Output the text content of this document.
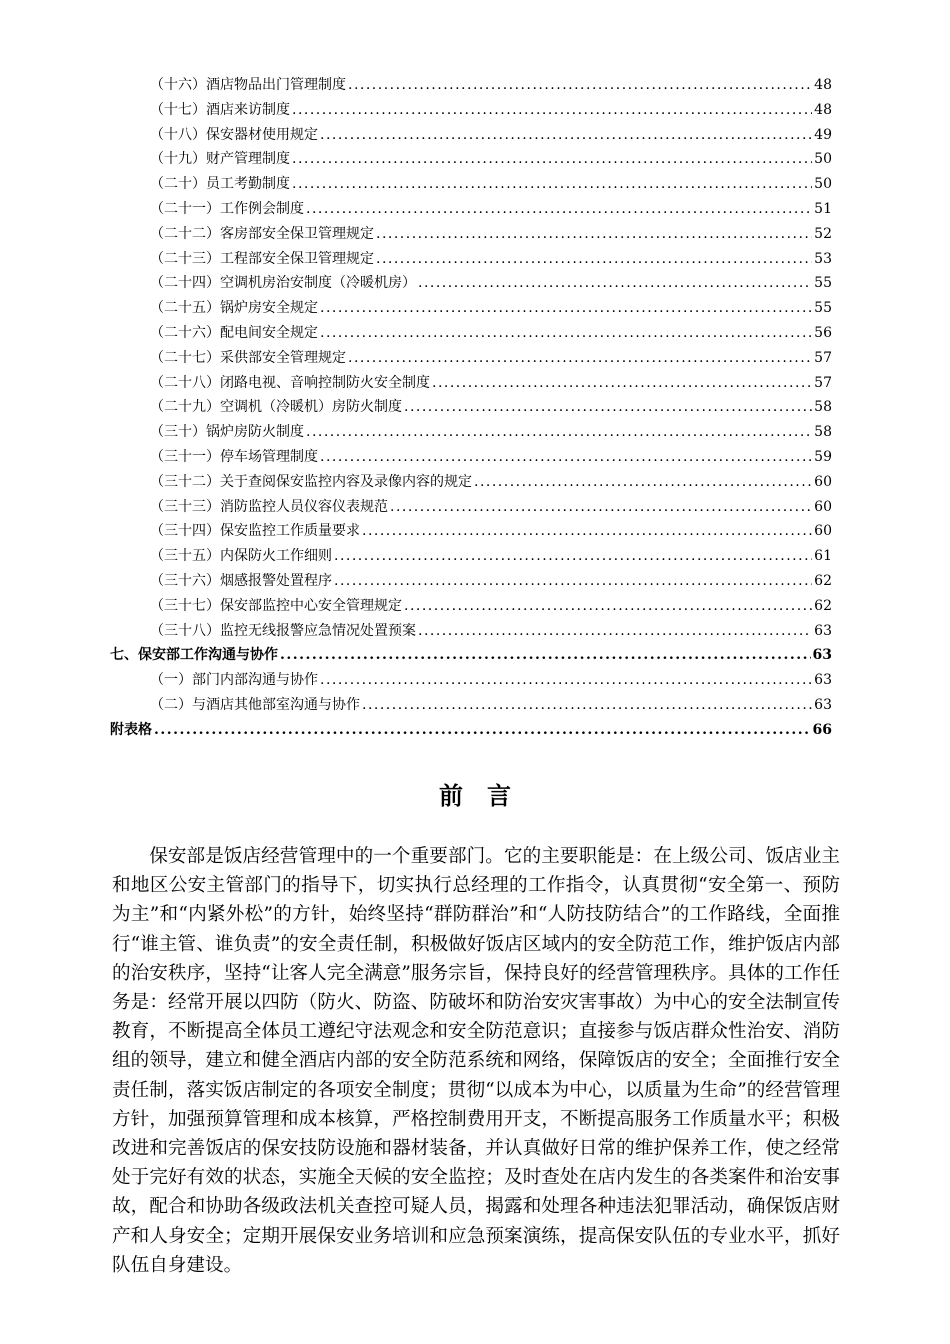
（十六）酒店物品出门管理制度 .....	48
（十七）酒店来访制度 .....	48
（十八）保安器材使用规定 .....	49
（十九）财产管理制度 .....	50
（二十）员工考勤制度 .....	50
（二十一）工作例会制度 .....	51
（二十二）客房部安全保卫管理规定 .....	52
（二十三）工程部安全保卫管理规定 .....	53
（二十四）空调机房治安制度（冷暖机房） .....	55
（二十五）锅炉房安全规定 .....	55
（二十六）配电间安全规定 .....	56
（二十七）采供部安全管理规定 .....	57
（二十八）闭路电视、音响控制防火安全制度 .....	57
（二十九）空调机（冷暖机）房防火制度 .....	58
（三十）锅炉房防火制度 .....	58
（三十一）停车场管理制度 .....	59
（三十二）关于查阅保安监控内容及录像内容的规定 .....	60
（三十三）消防监控人员仪容仪表规范 .....	60
（三十四）保安监控工作质量要求 .....	60
（三十五）内保防火工作细则 .....	61
（三十六）烟感报警处置程序 .....	62
（三十七）保安部监控中心安全管理规定 .....	62
（三十八）监控无线报警应急情况处置预案 .....	63
七、保安部工作沟通与协作 .....	63
（一）部门内部沟通与协作 .....	63
（二）与酒店其他部室沟通与协作 .....	63
附表格 .....	66
前言
保安部是饭店经营管理中的一个重要部门。它的主要职能是：在上级公司、饭店业主和地区公安主管部门的指导下，切实执行总经理的工作指令，认真贯彻“安全第一、预防为主”和“内紧外松”的方针，始终坚持“群防群治”和“人防技防结合”的工作路线，全面推行“谁主管、谁负责”的安全责任制，积极做好饭店区域内的安全防范工作，维护饭店内部的治安秩序，坚持“让客人完全满意”服务宗旨，保持良好的经营管理秩序。具体的工作任务是：经常开展以四防（防火、防盗、防破坏和防治安灾害事故）为中心的安全法制宣传教育，不断提高全体员工遵纪守法观念和安全防范意识；直接参与饭店群众性治安、消防组的领导，建立和健全酒店内部的安全防范系统和网络，保障饭店的安全；全面推行安全责任制，落实饭店制定的各项安全制度；贯彻“以成本为中心，以质量为生命”的经营管理方针，加强预算管理和成本核算，严格控制费用开支，不断提高服务工作质量水平；积极改进和完善饭店的保安技防设施和器材装备，并认真做好日常的维护保养工作，使之经常处于完好有效的状态，实施全天候的安全监控；及时查处在店内发生的各类案件和治安事故，配合和协助各级政法机关查控可疑人员，揭露和处理各种违法犯罪活动，确保饭店财产和人身安全；定期开展保安业务培训和应急预案演练，提高保安队伍的专业水平，抓好队伍自身建设。
